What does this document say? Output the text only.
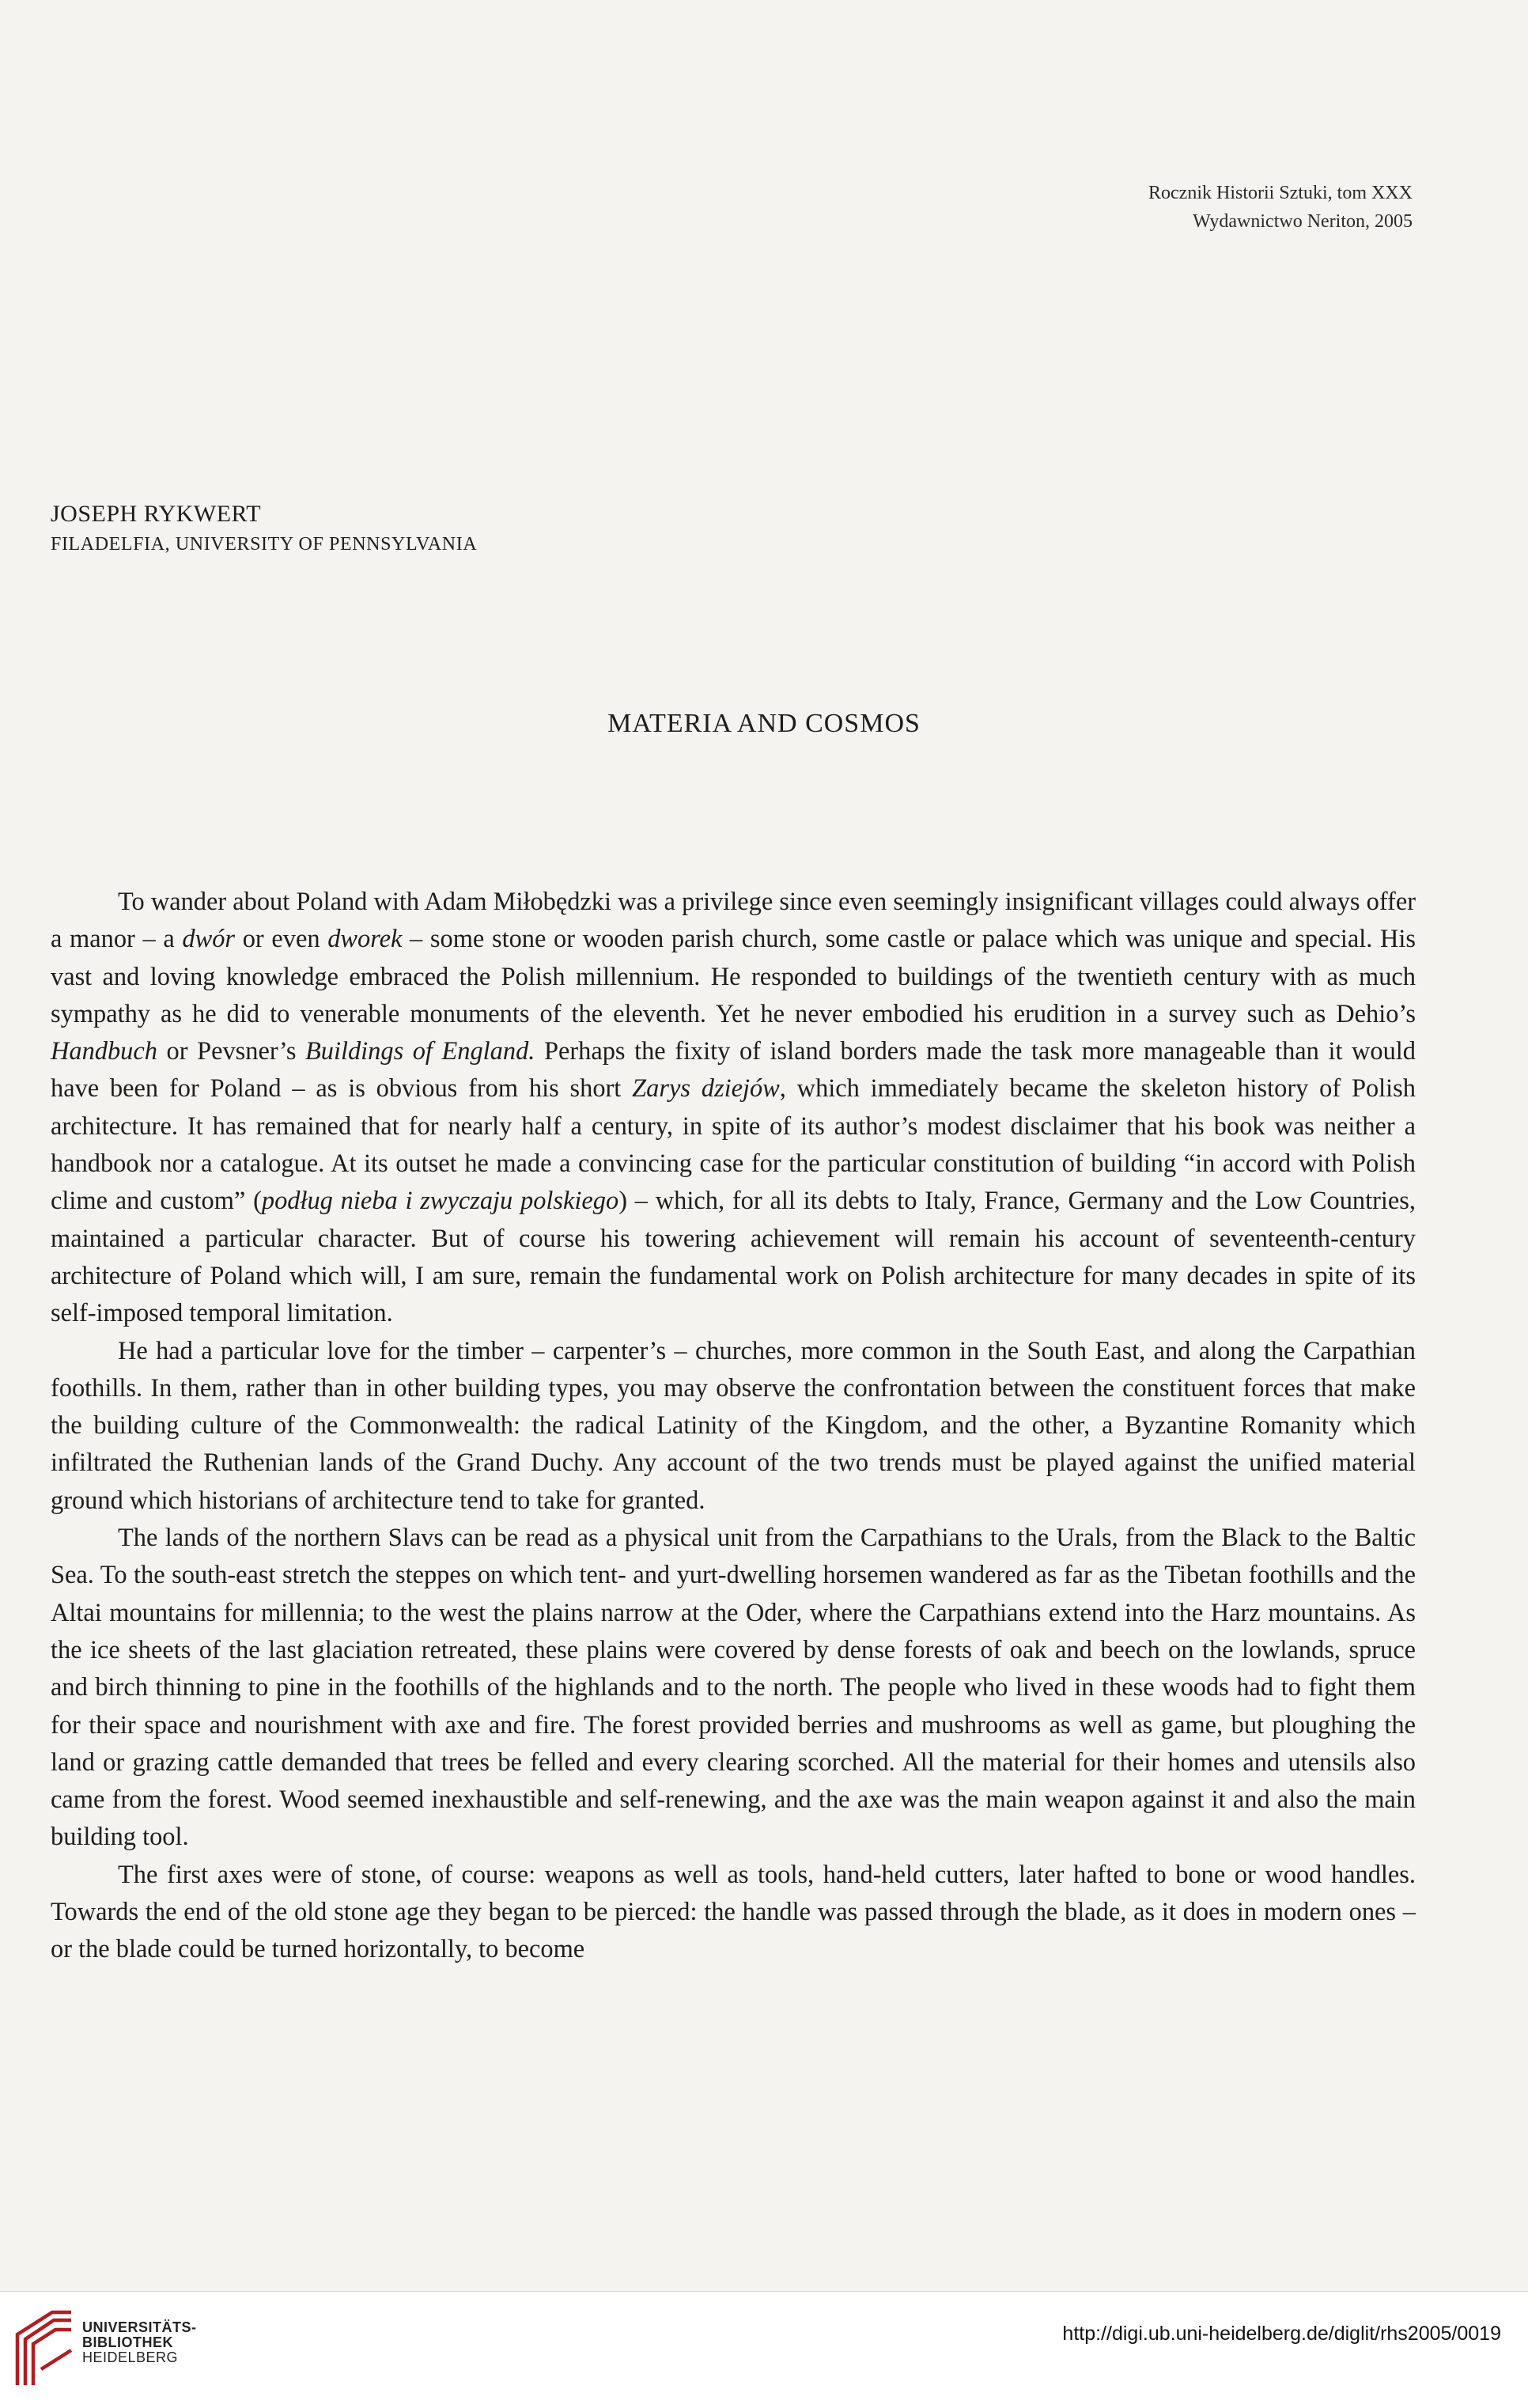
Rocznik Historii Sztuki, tom XXX
Wydawnictwo Neriton, 2005
JOSEPH RYKWERT
FILADELFIA, UNIVERSITY OF PENNSYLVANIA
MATERIA AND COSMOS

To wander about Poland with Adam Miłobędzki was a privilege since even seemingly insignificant villages could always offer a manor – a dwór or even dworek – some stone or wooden parish church, some castle or palace which was unique and special. His vast and loving knowledge embraced the Polish millennium. He responded to buildings of the twentieth century with as much sympathy as he did to venerable monuments of the eleventh. Yet he never embodied his erudition in a survey such as Dehio’s Handbuch or Pevsner’s Buildings of England. Perhaps the fixity of island borders made the task more manageable than it would have been for Poland – as is obvious from his short Zarys dziejów, which immediately became the skeleton history of Polish architecture. It has remained that for nearly half a century, in spite of its author’s modest disclaimer that his book was neither a handbook nor a catalogue. At its outset he made a convincing case for the particular constitution of building “in accord with Polish clime and custom” (podług nieba i zwyczaju polskiego) – which, for all its debts to Italy, France, Germany and the Low Countries, maintained a particular character. But of course his towering achievement will remain his account of seventeenth-century architecture of Poland which will, I am sure, remain the fundamental work on Polish architecture for many decades in spite of its self-imposed temporal limitation.

He had a particular love for the timber – carpenter’s – churches, more common in the South East, and along the Carpathian foothills. In them, rather than in other building types, you may observe the confrontation between the constituent forces that make the building culture of the Commonwealth: the radical Latinity of the Kingdom, and the other, a Byzantine Romanity which infiltrated the Ruthenian lands of the Grand Duchy. Any account of the two trends must be played against the unified material ground which historians of architecture tend to take for granted.

The lands of the northern Slavs can be read as a physical unit from the Carpathians to the Urals, from the Black to the Baltic Sea. To the south-east stretch the steppes on which tent- and yurt-dwelling horsemen wandered as far as the Tibetan foothills and the Altai mountains for millennia; to the west the plains narrow at the Oder, where the Carpathians extend into the Harz mountains. As the ice sheets of the last glaciation retreated, these plains were covered by dense forests of oak and beech on the lowlands, spruce and birch thinning to pine in the foothills of the highlands and to the north. The people who lived in these woods had to fight them for their space and nourishment with axe and fire. The forest provided berries and mushrooms as well as game, but ploughing the land or grazing cattle demanded that trees be felled and every clearing scorched. All the material for their homes and utensils also came from the forest. Wood seemed inexhaustible and self-renewing, and the axe was the main weapon against it and also the main building tool.

The first axes were of stone, of course: weapons as well as tools, hand-held cutters, later hafted to bone or wood handles. Towards the end of the old stone age they began to be pierced: the handle was passed through the blade, as it does in modern ones – or the blade could be turned horizontally, to become

UNIVERSITÄTS-
BIBLIOTHEK
HEIDELBERG
http://digi.ub.uni-heidelberg.de/diglit/rhs2005/0019
